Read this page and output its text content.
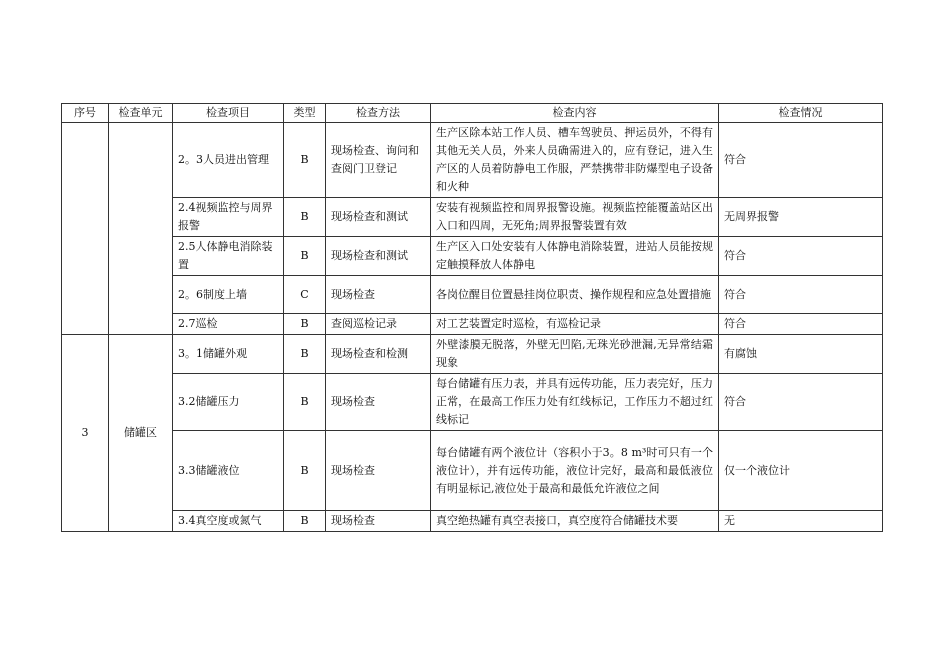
序号	检查单元	检查项目	类型	检查方法	检查内容	检查情况
		2。3人员进出管理	B	现场检查、询问和查阅门卫登记	生产区除本站工作人员、槽车驾驶员、押运员外，不得有其他无关人员，外来人员确需进入的，应有登记，进入生产区的人员着防静电工作服，严禁携带非防爆型电子设备和火种	符合
		2.4视频监控与周界报警	B	现场检查和测试	安装有视频监控和周界报警设施。视频监控能覆盖站区出入口和四周，无死角;周界报警装置有效	无周界报警
		2.5人体静电消除装置	B	现场检查和测试	生产区入口处安装有人体静电消除装置，进站人员能按规定触摸释放人体静电	符合
		2。6制度上墙	C	现场检查	各岗位醒目位置悬挂岗位职责、操作规程和应急处置措施	符合
		2.7巡检	B	查阅巡检记录	对工艺装置定时巡检，有巡检记录	符合
3	储罐区	3。1储罐外观	B	现场检查和检测	外壁漆膜无脱落，外壁无凹陷,无珠光砂泄漏,无异常结霜现象	有腐蚀
		3.2储罐压力	B	现场检查	每台储罐有压力表，并具有远传功能，压力表完好，压力正常，在最高工作压力处有红线标记，工作压力不超过红线标记	符合
		3.3储罐液位	B	现场检查	每台储罐有两个液位计（容积小于3。8 m³时可只有一个液位计），并有远传功能，液位计完好，最高和最低液位有明显标记,液位处于最高和最低允许液位之间	仅一个液位计
		3.4真空度或氮气	B	现场检查	真空绝热罐有真空表接口，真空度符合储罐技术要	无
